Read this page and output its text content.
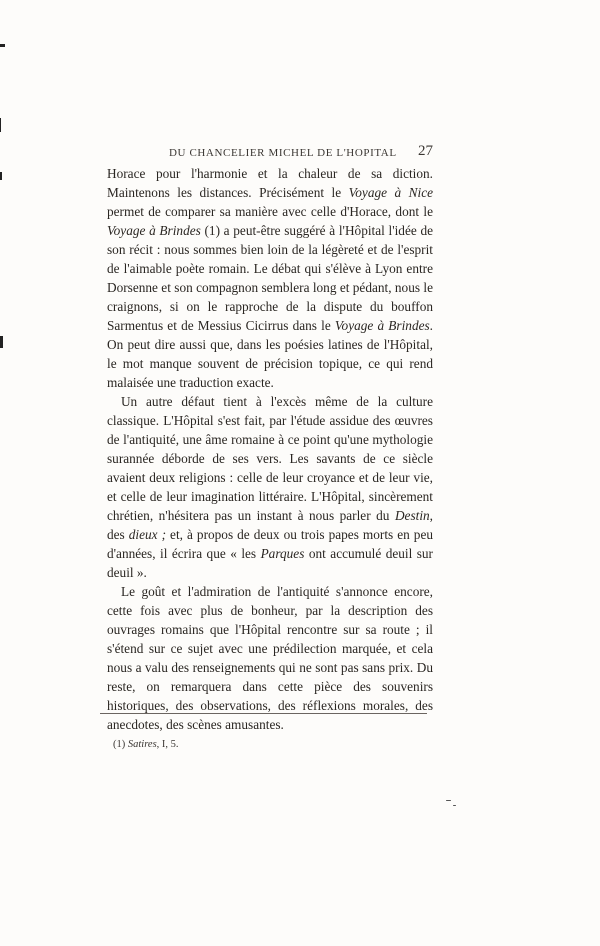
DU CHANCELIER MICHEL DE L'HOPITAL 27

Horace pour l'harmonie et la chaleur de sa diction. Maintenons les distances. Précisément le Voyage à Nice permet de comparer sa manière avec celle d'Horace, dont le Voyage à Brindes (1) a peut-être suggéré à l'Hôpital l'idée de son récit : nous sommes bien loin de la légèreté et de l'esprit de l'aimable poète romain. Le débat qui s'élève à Lyon entre Dorsenne et son compagnon semblera long et pédant, nous le craignons, si on le rapproche de la dispute du bouffon Sarmentus et de Messius Cicirrus dans le Voyage à Brindes. On peut dire aussi que, dans les poésies latines de l'Hôpital, le mot manque souvent de précision topique, ce qui rend malaisée une traduction exacte.

Un autre défaut tient à l'excès même de la culture classique. L'Hôpital s'est fait, par l'étude assidue des œuvres de l'antiquité, une âme romaine à ce point qu'une mythologie surannée déborde de ses vers. Les savants de ce siècle avaient deux religions : celle de leur croyance et de leur vie, et celle de leur imagination littéraire. L'Hôpital, sincèrement chrétien, n'hésitera pas un instant à nous parler du Destin, des dieux ; et, à propos de deux ou trois papes morts en peu d'années, il écrira que « les Parques ont accumulé deuil sur deuil ».

Le goût et l'admiration de l'antiquité s'annonce encore, cette fois avec plus de bonheur, par la description des ouvrages romains que l'Hôpital rencontre sur sa route ; il s'étend sur ce sujet avec une prédilection marquée, et cela nous a valu des renseignements qui ne sont pas sans prix. Du reste, on remarquera dans cette pièce des souvenirs historiques, des observations, des réflexions morales, des anecdotes, des scènes amusantes.

(1) Satires, I, 5.
